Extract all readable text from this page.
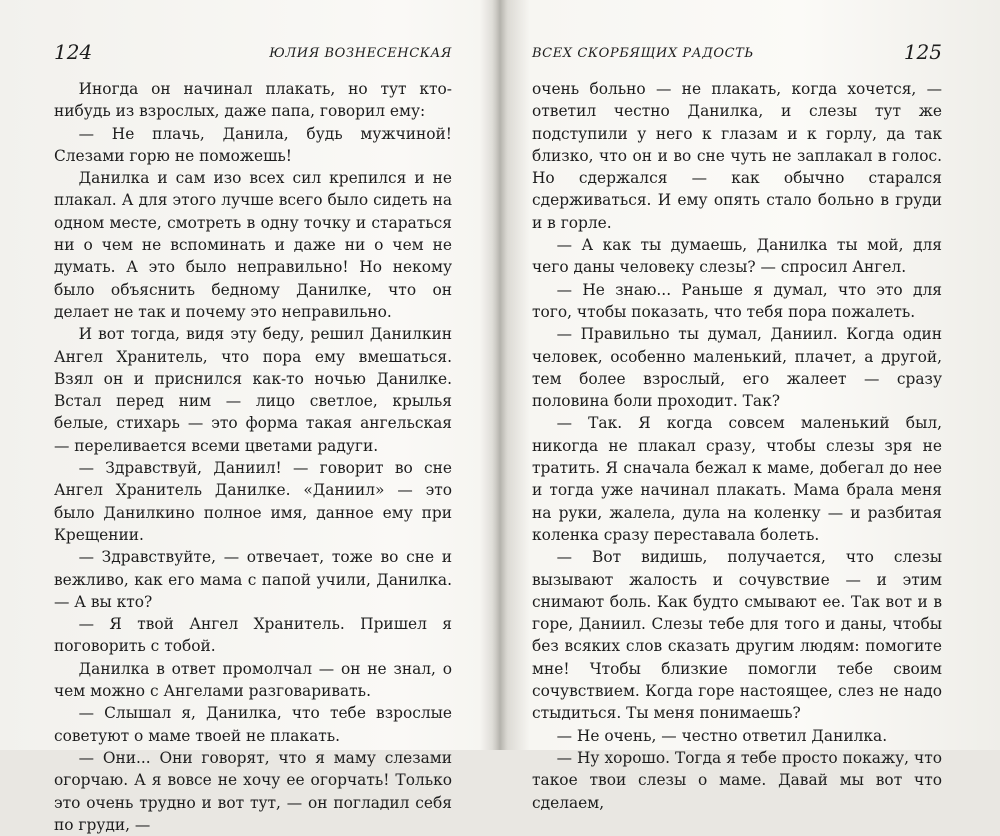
124	ЮЛИЯ ВОЗНЕСЕНСКАЯ

Иногда он начинал плакать, но тут кто-нибудь из взрослых, даже папа, говорил ему:

— Не плачь, Данила, будь мужчиной! Слезами горю не поможешь!

Данилка и сам изо всех сил крепился и не плакал. А для этого лучше всего было сидеть на одном месте, смотреть в одну точку и стараться ни о чем не вспоминать и даже ни о чем не думать. А это было неправильно! Но некому было объяснить бедному Данилке, что он делает не так и почему это неправильно.

И вот тогда, видя эту беду, решил Данилкин Ангел Хранитель, что пора ему вмешаться. Взял он и приснился как-то ночью Данилке. Встал перед ним — лицо светлое, крылья белые, стихарь — это форма такая ангельская — переливается всеми цветами радуги.

— Здравствуй, Даниил! — говорит во сне Ангел Хранитель Данилке. «Даниил» — это было Данилкино полное имя, данное ему при Крещении.

— Здравствуйте, — отвечает, тоже во сне и вежливо, как его мама с папой учили, Данилка. — А вы кто?

— Я твой Ангел Хранитель. Пришел я поговорить с тобой.

Данилка в ответ промолчал — он не знал, о чем можно с Ангелами разговаривать.

— Слышал я, Данилка, что тебе взрослые советуют о маме твоей не плакать.

— Они... Они говорят, что я маму слезами огорчаю. А я вовсе не хочу ее огорчать! Только это очень трудно и вот тут, — он погладил себя по груди, —

ВСЕХ СКОРБЯЩИХ РАДОСТЬ	125

очень больно — не плакать, когда хочется, — ответил честно Данилка, и слезы тут же подступили у него к глазам и к горлу, да так близко, что он и во сне чуть не заплакал в голос. Но сдержался — как обычно старался сдерживаться. И ему опять стало больно в груди и в горле.

— А как ты думаешь, Данилка ты мой, для чего даны человеку слезы? — спросил Ангел.

— Не знаю... Раньше я думал, что это для того, чтобы показать, что тебя пора пожалеть.

— Правильно ты думал, Даниил. Когда один человек, особенно маленький, плачет, а другой, тем более взрослый, его жалеет — сразу половина боли проходит. Так?

— Так. Я когда совсем маленький был, никогда не плакал сразу, чтобы слезы зря не тратить. Я сначала бежал к маме, добегал до нее и тогда уже начинал плакать. Мама брала меня на руки, жалела, дула на коленку — и разбитая коленка сразу переставала болеть.

— Вот видишь, получается, что слезы вызывают жалость и сочувствие — и этим снимают боль. Как будто смывают ее. Так вот и в горе, Даниил. Слезы тебе для того и даны, чтобы без всяких слов сказать другим людям: помогите мне! Чтобы близкие помогли тебе своим сочувствием. Когда горе настоящее, слез не надо стыдиться. Ты меня понимаешь?

— Не очень, — честно ответил Данилка.

— Ну хорошо. Тогда я тебе просто покажу, что такое твои слезы о маме. Давай мы вот что сделаем,
